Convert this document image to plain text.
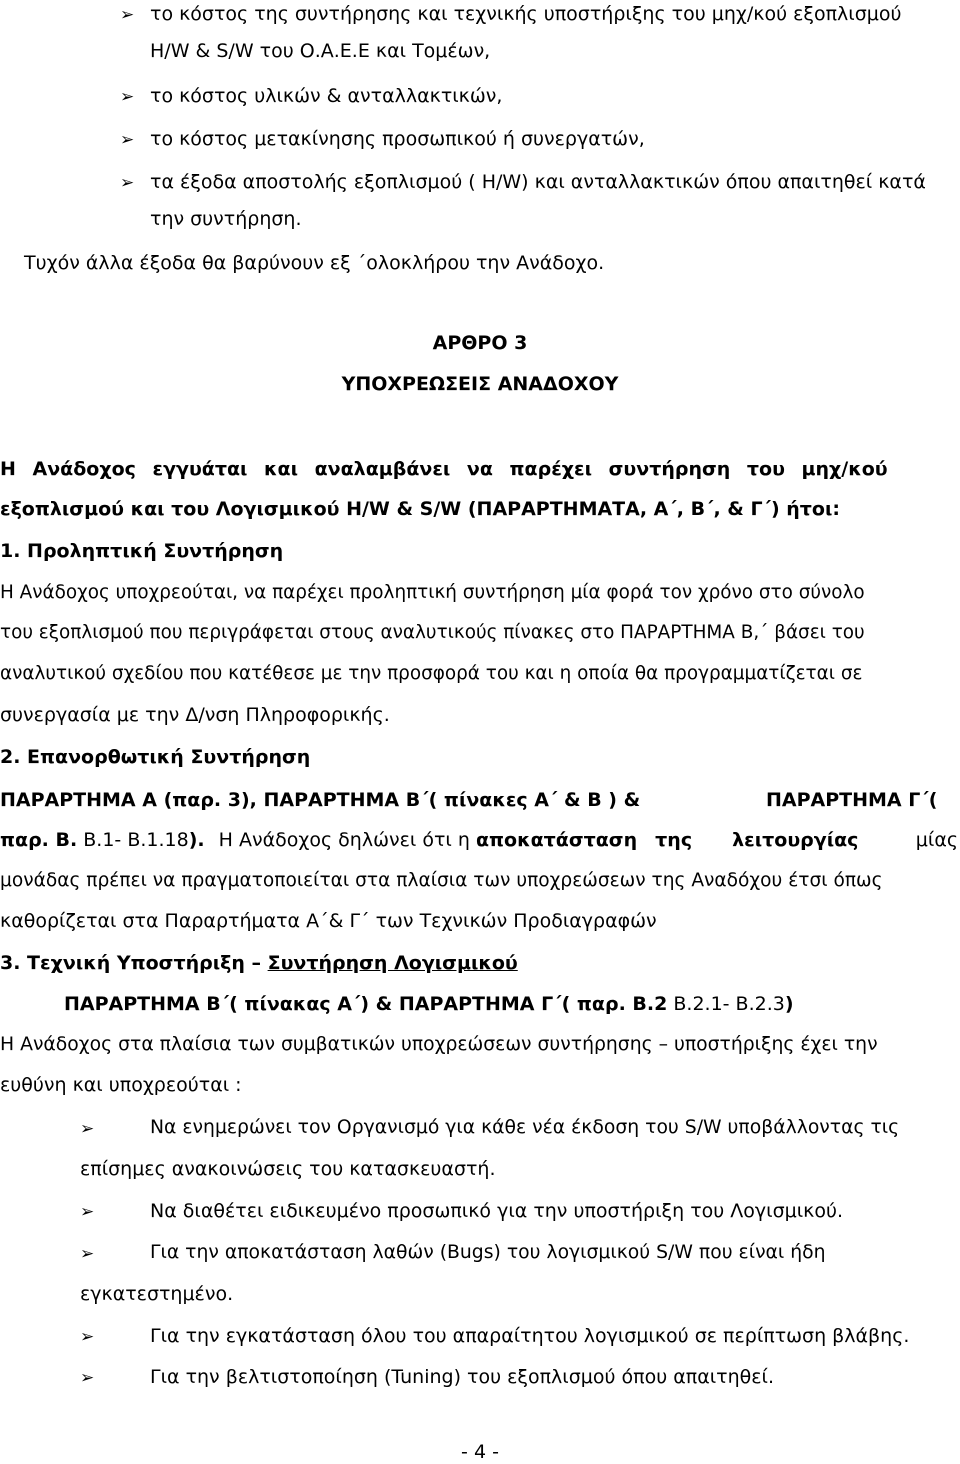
➢ το κόστος της συντήρησης και τεχνικής υποστήριξης του μηχ/κού εξοπλισμού
Η/W & S/W του Ο.Α.Ε.Ε και Τομέων,
➢ το κόστος υλικών & ανταλλακτικών,
➢ το κόστος μετακίνησης προσωπικού ή συνεργατών,
➢ τα έξοδα αποστολής εξοπλισμού ( Η/W) και ανταλλακτικών όπου απαιτηθεί κατά
την συντήρηση.
Τυχόν άλλα έξοδα θα βαρύνουν εξ ΄ολοκλήρου την Ανάδοχο.
ΑΡΘΡΟ 3
ΥΠΟΧΡΕΩΣΕΙΣ ΑΝΑΔΟΧΟΥ
Η Ανάδοχος εγγυάται και αναλαμβάνει να παρέχει συντήρηση του μηχ/κού
εξοπλισμού και του Λογισμικού Η/W & S/W (ΠΑΡΑΡΤΗΜΑΤΑ, Α΄, Β΄, & Γ΄) ήτοι:
1. Προληπτική Συντήρηση
Η Ανάδοχος υποχρεούται, να παρέχει προληπτική συντήρηση μία φορά τον χρόνο στο σύνολο
του εξοπλισμού που περιγράφεται στους αναλυτικούς πίνακες στο ΠΑΡΑΡΤΗΜΑ Β,΄ βάσει του
αναλυτικού σχεδίου που κατέθεσε με την προσφορά του και η οποία θα προγραμματίζεται σε
συνεργασία με την Δ/νση Πληροφορικής.
2. Επανορθωτική Συντήρηση
ΠΑΡΑΡΤΗΜΑ Α (παρ. 3), ΠΑΡΑΡΤΗΜΑ Β΄( πίνακες Α΄ & Β ) &	ΠΑΡΑΡΤΗΜΑ Γ΄(
παρ. Β. Β.1- Β.1.18). Η Ανάδοχος δηλώνει ότι η αποκατάσταση της λειτουργίας	μίας
μονάδας πρέπει να πραγματοποιείται στα πλαίσια των υποχρεώσεων της Αναδόχου έτσι όπως
καθορίζεται στα Παραρτήματα Α΄& Γ΄ των Τεχνικών Προδιαγραφών
3. Τεχνική Υποστήριξη – Συντήρηση Λογισμικού
ΠΑΡΑΡΤΗΜΑ Β΄( πίνακας Α΄) & ΠΑΡΑΡΤΗΜΑ Γ΄( παρ. Β.2 Β.2.1- Β.2.3)
Η Ανάδοχος στα πλαίσια των συμβατικών υποχρεώσεων συντήρησης – υποστήριξης έχει την
ευθύνη και υποχρεούται :
➢	Να ενημερώνει τον Οργανισμό για κάθε νέα έκδοση του S/W υποβάλλοντας τις
επίσημες ανακοινώσεις του κατασκευαστή.
➢	Να διαθέτει ειδικευμένο προσωπικό για την υποστήριξη του Λογισμικού.
➢	Για την αποκατάσταση λαθών (Bugs) του λογισμικού S/W που είναι ήδη
εγκατεστημένο.
➢	Για την εγκατάσταση όλου του απαραίτητου λογισμικού σε περίπτωση βλάβης.
➢	Για την βελτιστοποίηση (Tuning) του εξοπλισμού όπου απαιτηθεί.
- 4 -
